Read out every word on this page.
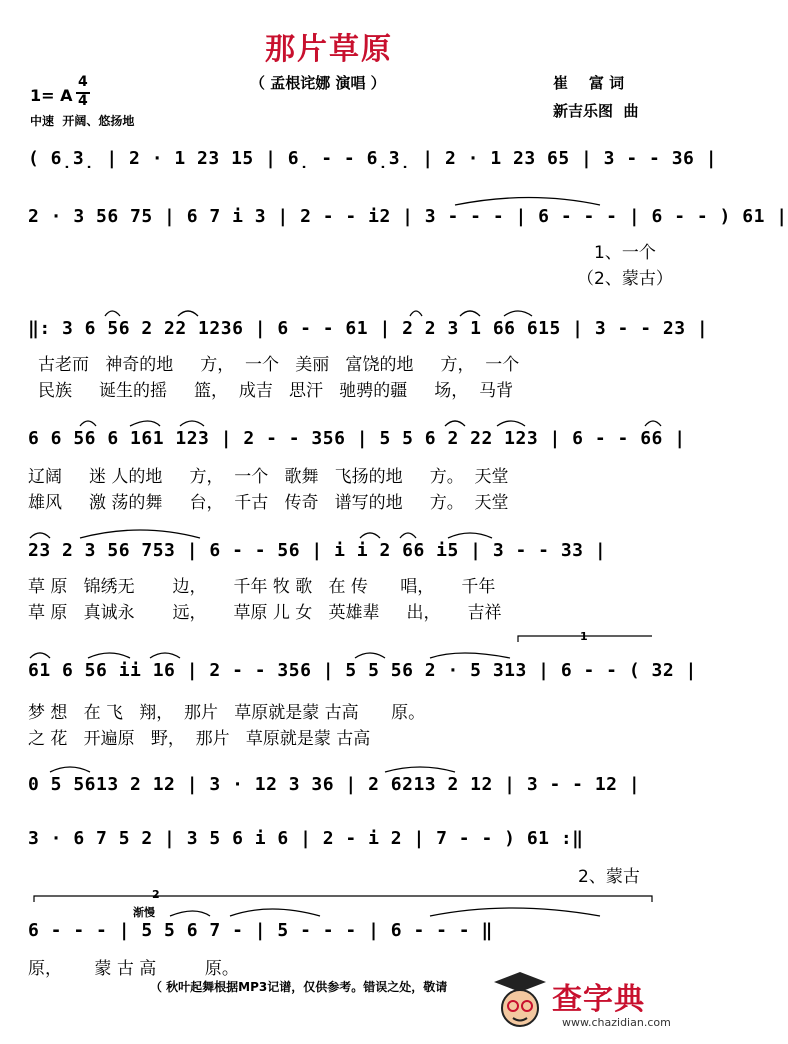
那片草原
（ 孟根诧娜 演唱 ）
1= A
4
4
中速  开阔、悠扬地
崔    富 词
新吉乐图  曲
( 6̣3̣ | 2 · 1 23 15 | 6̣ - - 6̣3̣ | 2 · 1 23 65 | 3 - - 36 |
2 · 3 56 75 | 6 7 i 3 | 2 - - i2 | 3 - - - | 6 - - - | 6 - - ) 61 |
1、一个
（2、蒙古）
‖: 3 6 56 2 22 1236 | 6 - - 61 | 2 2 3 1 66 615 | 3 - - 23 |
古老而   神奇的地     方，  一个   美丽   富饶的地     方，  一个
民族     诞生的摇     篮，  成吉   思汗   驰骋的疆     场，  马背
6 6 56 6 161 123 | 2 - - 356 | 5 5 6 2 22 123 | 6 - - 66 |
辽阔     迷 人的地     方，  一个   歌舞   飞扬的地     方。  天堂
雄风     激 荡的舞     台，  千古   传奇   谱写的地     方。  天堂
23 2 3 56 753 | 6 - - 56 | i i 2 66 i5 | 3 - - 33 |
草 原   锦绣无       边，     千年 牧 歌   在 传      唱，     千年
草 原   真诚永       远，     草原 儿 女   英雄辈     出，     吉祥
1
61 6 56 ii 16 | 2 - - 356 | 5 5 56 2 · 5 313 | 6 - - ( 32 |
梦 想   在 飞   翔，  那片   草原就是蒙 古高      原。
之 花   开遍原   野，  那片   草原就是蒙 古高
0 5 5613 2 12 | 3 · 12 3 36 | 2 6213 2 12 | 3 - - 12 |
3 · 6 7 5 2 | 3 5 6 i 6 | 2 - i 2 | 7 - - ) 61 :‖
2、蒙古
2
渐慢
6 - - - | 5 5 6 7 - | 5 - - - | 6 - - - ‖
原，      蒙 古 高         原。
（ 秋叶起舞根据MP3记谱，仅供参考。错误之处，敬请

	查字典

www.chazidian.com
